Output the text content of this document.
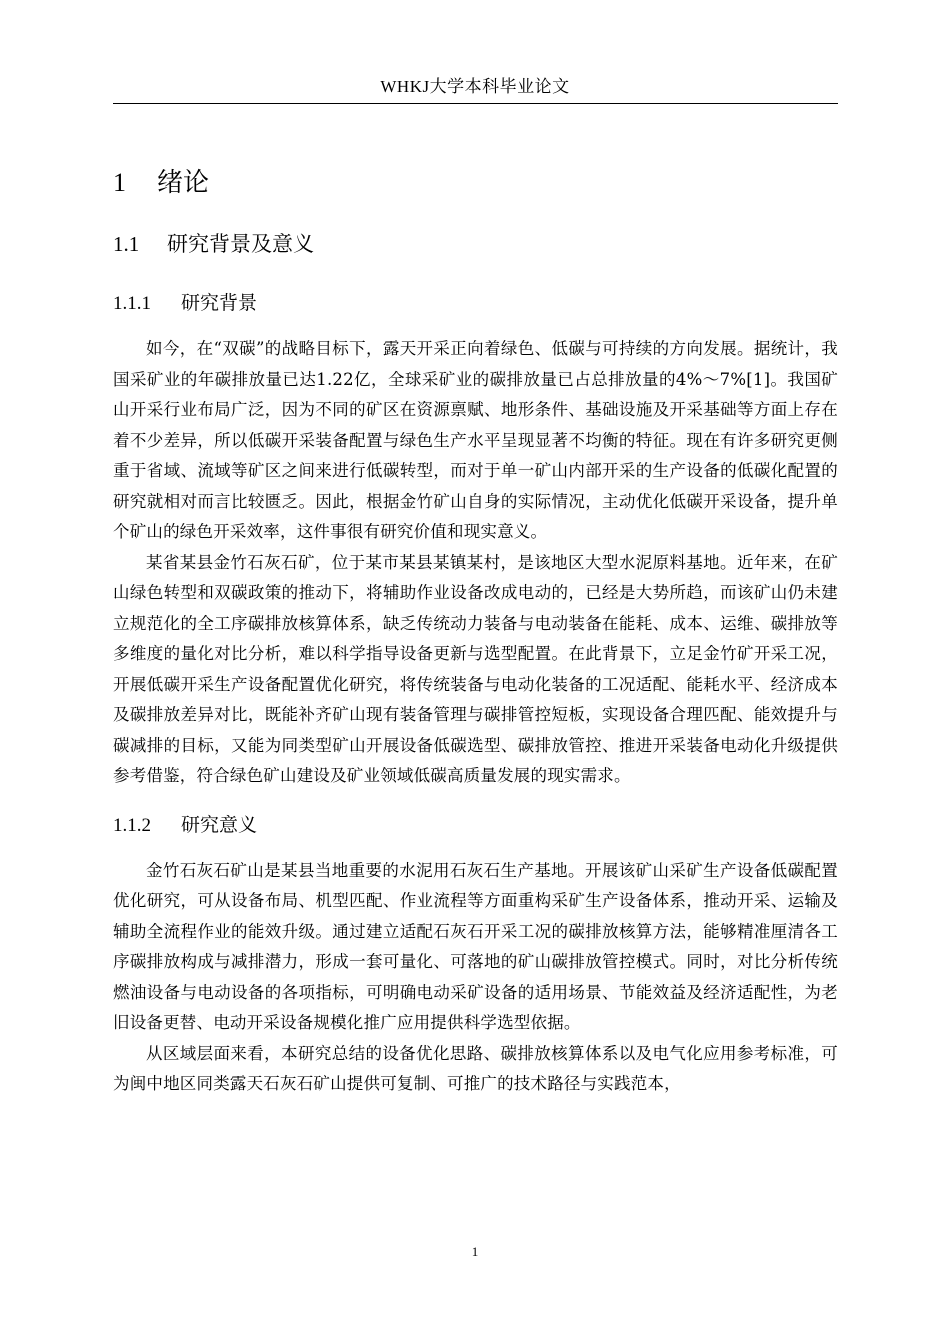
WHKJ大学本科毕业论文
1 绪论
1.1 研究背景及意义
1.1.1 研究背景

如今，在“双碳”的战略目标下，露天开采正向着绿色、低碳与可持续的方向发展。据统计，我国采矿业的年碳排放量已达1.22亿，全球采矿业的碳排放量已占总排放量的4%～7%[1]。我国矿山开采行业布局广泛，因为不同的矿区在资源禀赋、地形条件、基础设施及开采基础等方面上存在着不少差异，所以低碳开采装备配置与绿色生产水平呈现显著不均衡的特征。现在有许多研究更侧重于省域、流域等矿区之间来进行低碳转型，而对于单一矿山内部开采的生产设备的低碳化配置的研究就相对而言比较匮乏。因此，根据金竹矿山自身的实际情况，主动优化低碳开采设备，提升单个矿山的绿色开采效率，这件事很有研究价值和现实意义。

某省某县金竹石灰石矿，位于某市某县某镇某村，是该地区大型水泥原料基地。近年来，在矿山绿色转型和双碳政策的推动下，将辅助作业设备改成电动的，已经是大势所趋，而该矿山仍未建立规范化的全工序碳排放核算体系，缺乏传统动力装备与电动装备在能耗、成本、运维、碳排放等多维度的量化对比分析，难以科学指导设备更新与选型配置。在此背景下，立足金竹矿开采工况，开展低碳开采生产设备配置优化研究，将传统装备与电动化装备的工况适配、能耗水平、经济成本及碳排放差异对比，既能补齐矿山现有装备管理与碳排管控短板，实现设备合理匹配、能效提升与碳减排的目标，又能为同类型矿山开展设备低碳选型、碳排放管控、推进开采装备电动化升级提供参考借鉴，符合绿色矿山建设及矿业领域低碳高质量发展的现实需求。

1.1.2 研究意义

金竹石灰石矿山是某县当地重要的水泥用石灰石生产基地。开展该矿山采矿生产设备低碳配置优化研究，可从设备布局、机型匹配、作业流程等方面重构采矿生产设备体系，推动开采、运输及辅助全流程作业的能效升级。通过建立适配石灰石开采工况的碳排放核算方法，能够精准厘清各工序碳排放构成与减排潜力，形成一套可量化、可落地的矿山碳排放管控模式。同时，对比分析传统燃油设备与电动设备的各项指标，可明确电动采矿设备的适用场景、节能效益及经济适配性，为老旧设备更替、电动开采设备规模化推广应用提供科学选型依据。

从区域层面来看，本研究总结的设备优化思路、碳排放核算体系以及电气化应用参考标准，可为闽中地区同类露天石灰石矿山提供可复制、可推广的技术路径与实践范本，

1
